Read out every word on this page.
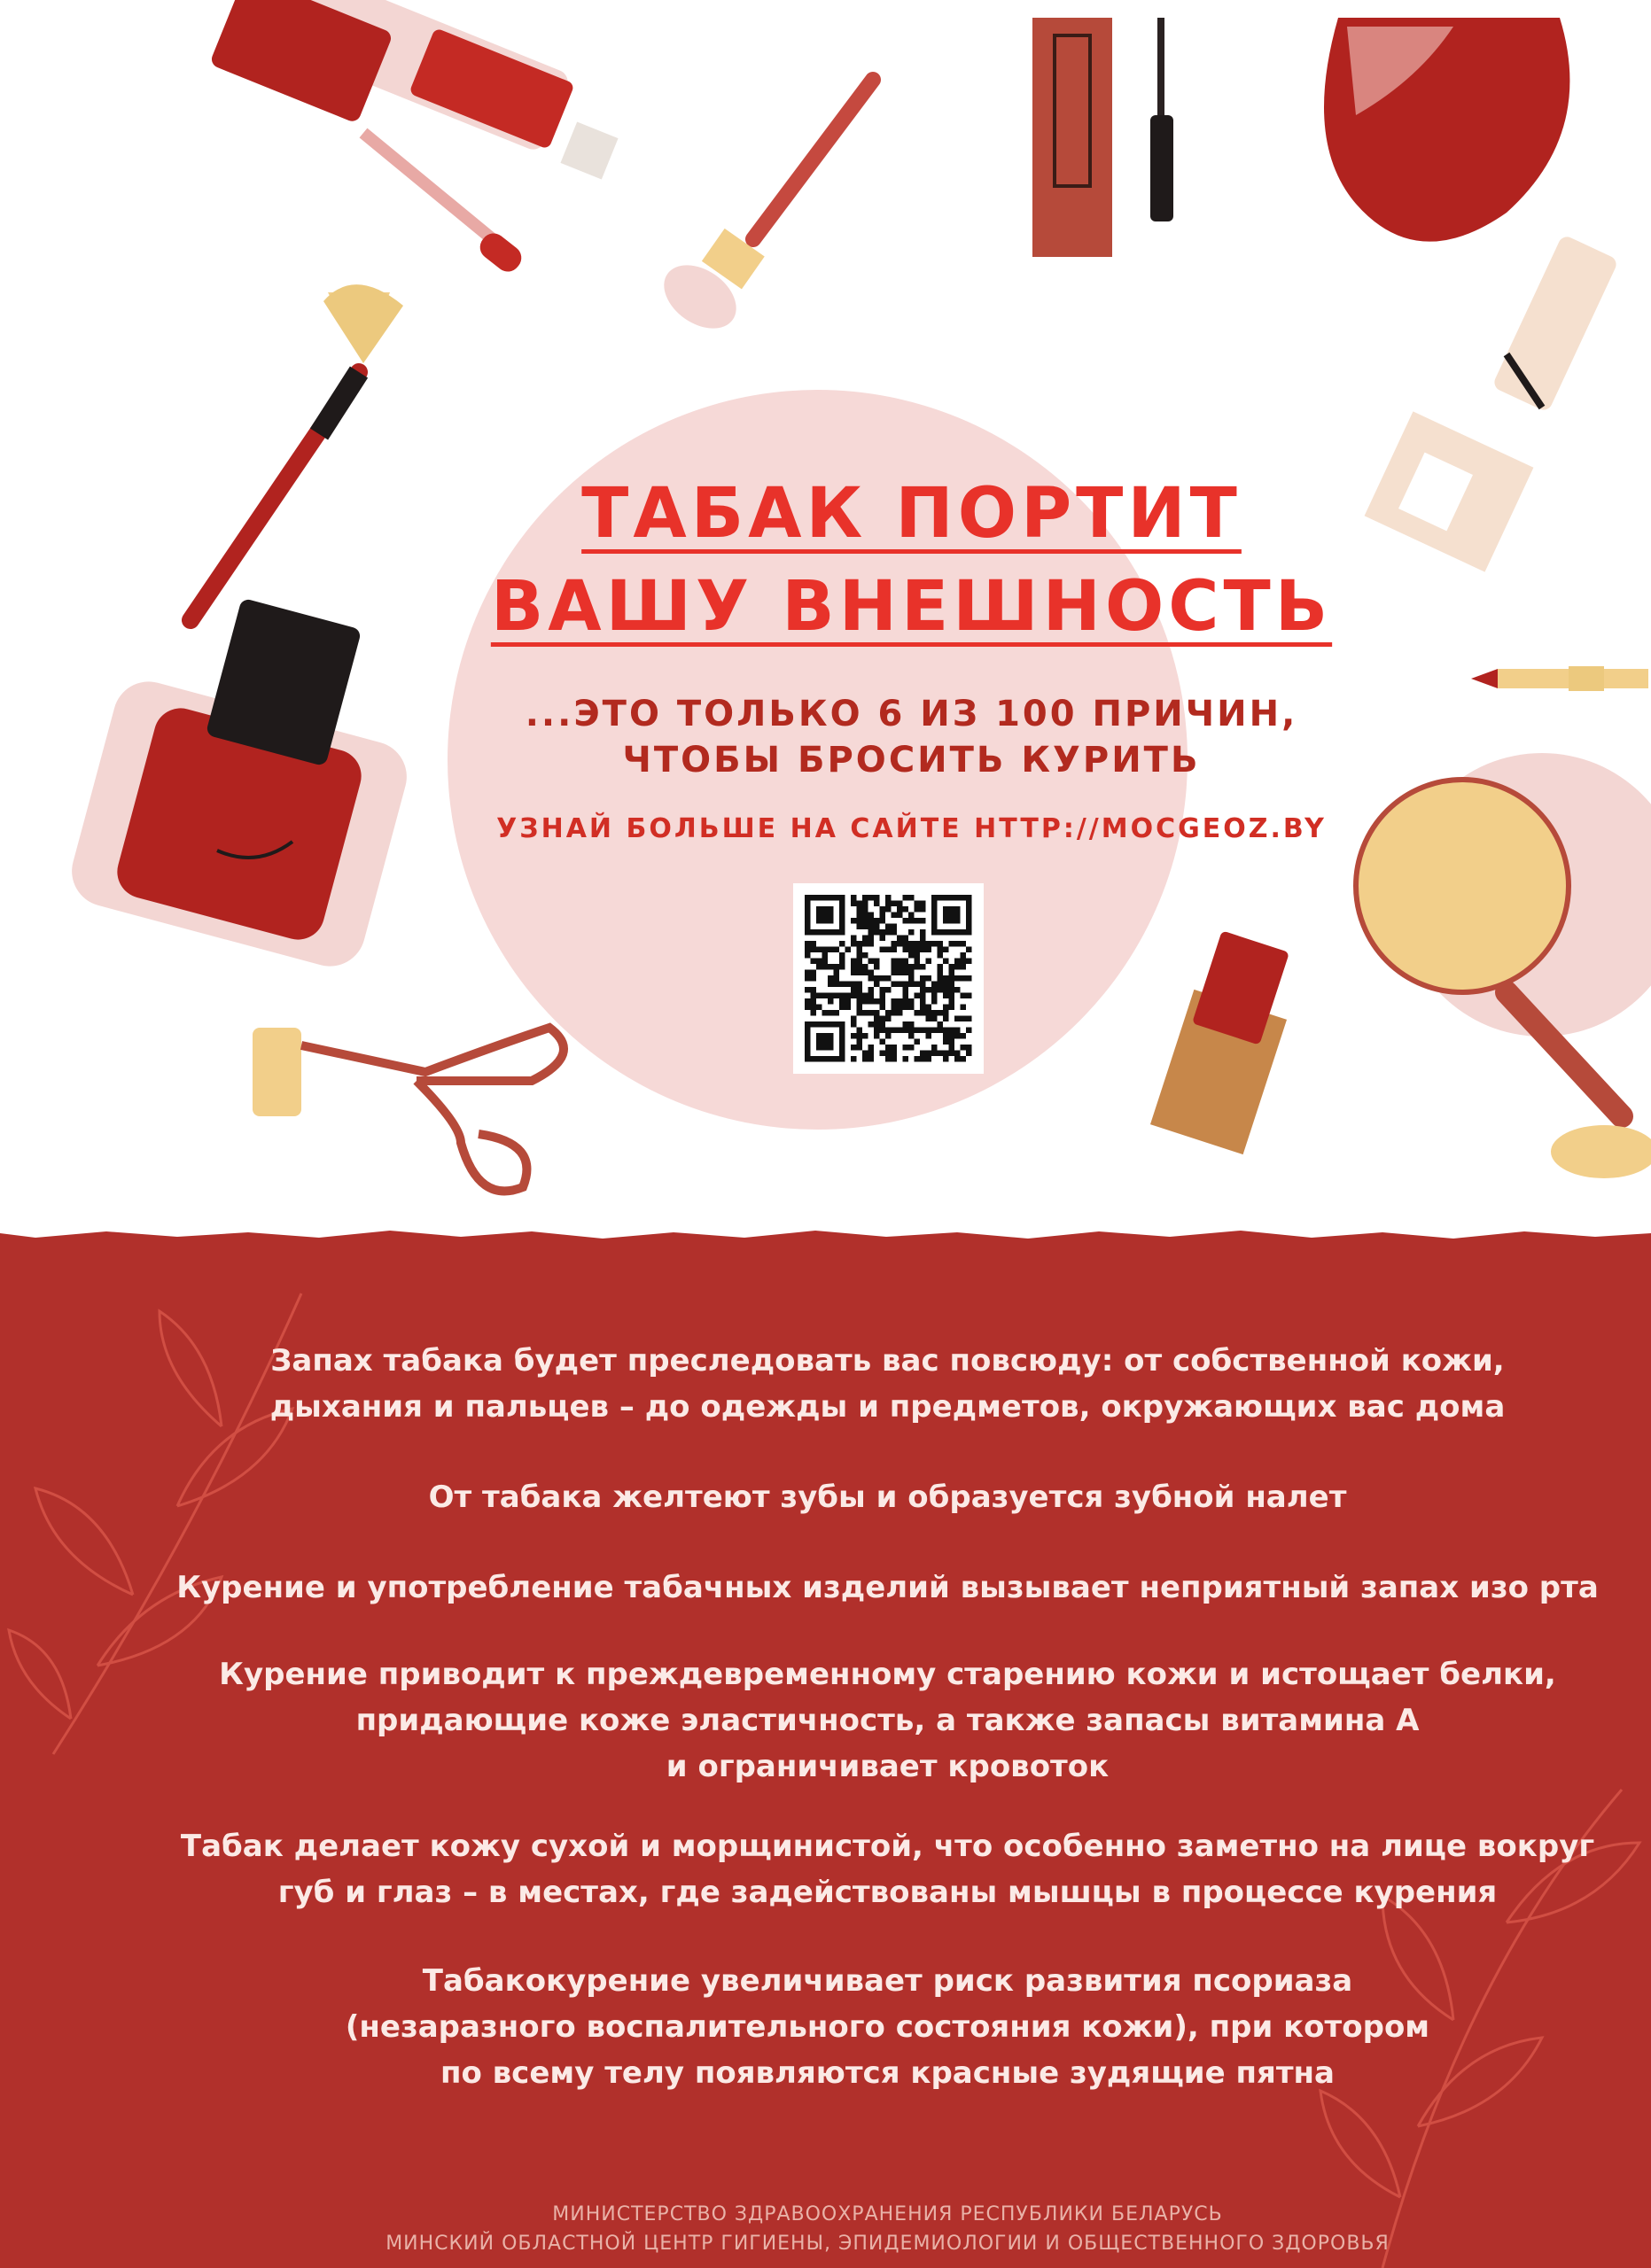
ТАБАК ПОРТИТ
ВАШУ ВНЕШНОСТЬ
...ЭТО ТОЛЬКО 6 ИЗ 100 ПРИЧИН,
ЧТОБЫ БРОСИТЬ КУРИТЬ
УЗНАЙ БОЛЬШЕ НА САЙТЕ HTTP://MOCGEOZ.BY
Запах табака будет преследовать вас повсюду: от собственной кожи,
дыхания и пальцев – до одежды и предметов, окружающих вас дома
От табака желтеют зубы и образуется зубной налет
Курение и употребление табачных изделий вызывает неприятный запах изо рта
Курение приводит к преждевременному старению кожи и истощает белки,
придающие коже эластичность, а также запасы витамина А
и ограничивает кровоток
Табак делает кожу сухой и морщинистой, что особенно заметно на лице вокруг
губ и глаз – в местах, где задействованы мышцы в процессе курения
Табакокурение увеличивает риск развития псориаза
(незаразного воспалительного состояния кожи), при котором
по всему телу появляются красные зудящие пятна
МИНИСТЕРСТВО ЗДРАВООХРАНЕНИЯ РЕСПУБЛИКИ БЕЛАРУСЬ
МИНСКИЙ ОБЛАСТНОЙ ЦЕНТР ГИГИЕНЫ, ЭПИДЕМИОЛОГИИ И ОБЩЕСТВЕННОГО ЗДОРОВЬЯ
